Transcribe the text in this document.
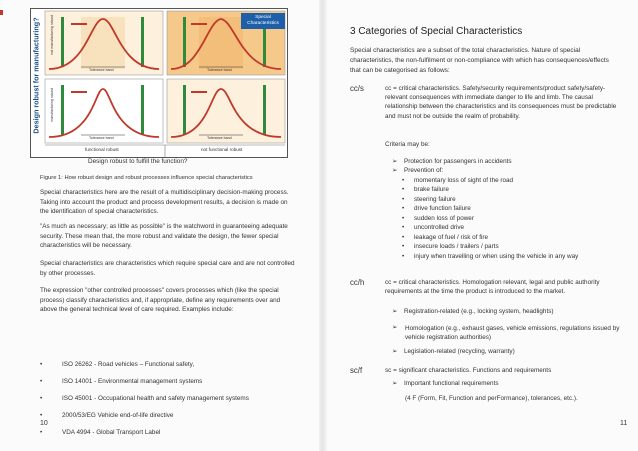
Design robust for manufacturing?	Special Characteristics
Tolerance band	Tolerance band
Tolerance band	Tolerance band
not manufacturing robust
manufacturing robust
functional robust	not functional robust
Design robust to fulfill the function?
Figure 1: How robust design and robust processes influence special characteristics

Special characteristics here are the result of a multidisciplinary decision-making process. Taking into account the product and process development results, a decision is made on the identification of special characteristics.

"As much as necessary; as little as possible" is the watchword in guaranteeing adequate security. These mean that, the more robust and validate the design, the fewer special characteristics will be necessary.

Special characteristics are characteristics which require special care and are not controlled by other processes.

The expression "other controlled processes" covers processes which (like the special process) classify characteristics and, if appropriate, define any requirements over and above the general technical level of care required. Examples include:

• ISO 26262 - Road vehicles – Functional safety,
• ISO 14001 - Environmental management systems
• ISO 45001 - Occupational health and safety management systems
• 2000/53/EG Vehicle end-of-life directive
• VDA 4994 - Global Transport Label
10
3 Categories of Special Characteristics

Special characteristics are a subset of the total characteristics. Nature of special characteristics, the non-fulfilment or non-compliance with which has consequences/effects that can be categorised as follows:

cc/s	cc = critical characteristics. Safety/security requirements/product safety/safety-relevant consequences with immediate danger to life and limb. The causal relationship between the characteristics and its consequences must be predictable and must not be outside the realm of probability.

Criteria may be:

➢ Protection for passengers in accidents
➢ Prevention of:
• momentary loss of sight of the road
• brake failure
• steering failure
• drive function failure
• sudden loss of power
• uncontrolled drive
• leakage of fuel / risk of fire
• insecure loads / trailers / parts
• injury when travelling or when using the vehicle in any way
cc/h	cc = critical characteristics. Homologation relevant, legal and public authority requirements at the time the product is introduced to the market.

➢ Registration-related (e.g., locking system, headlights)
➢	Homologation (e.g., exhaust gases, vehicle emissions, regulations issued by vehicle registration authorities)

➢ Legislation-related (recycling, warranty)
sc/f	sc = significant characteristics. Functions and requirements

➢ Important functional requirements

(4 F (Form, Fit, Function and perFormance), tolerances, etc.).

11
